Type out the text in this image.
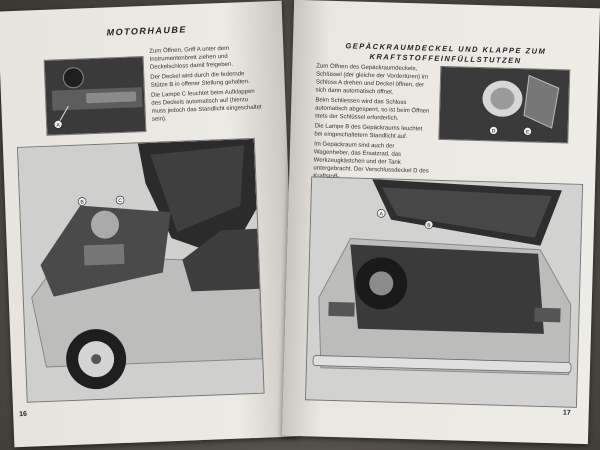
MOTORHAUBE
A

Zum Öffnen, Griff A unter dem Instrumentenbrett ziehen und Deckelschloss damit freigeben.

Der Deckel wird durch die federnde Stütze B in offener Stellung gehalten.

Die Lampe C leuchtet beim Aufklappen des Deckels automatisch auf (hierzu muss jedoch das Standlicht eingeschaltet sein).

B	C
16
GEPÄCKRAUMDECKEL UND KLAPPE ZUM
KRAFTSTOFFEINFÜLLSTUTZEN

Zum Öffnen des Gepäckraumdeckels, Schlüssel (der gleiche der Vordertüren) im Schloss A drehen und Deckel öffnen, der sich dann automatisch öffnet.

Beim Schliessen wird das Schloss automatisch abgesperrt, so ist beim Öffnen stets der Schlüssel erforderlich.

Die Lampe B des Gepäckraums leuchtet bei eingeschaltetem Standlicht auf.

Im Gepäckraum sind auch der Wagenheber, das Ersatzrad, das Werkzeugkästchen und der Tank untergebracht. Der Verschlussdeckel D des

D	E
A
B
17
